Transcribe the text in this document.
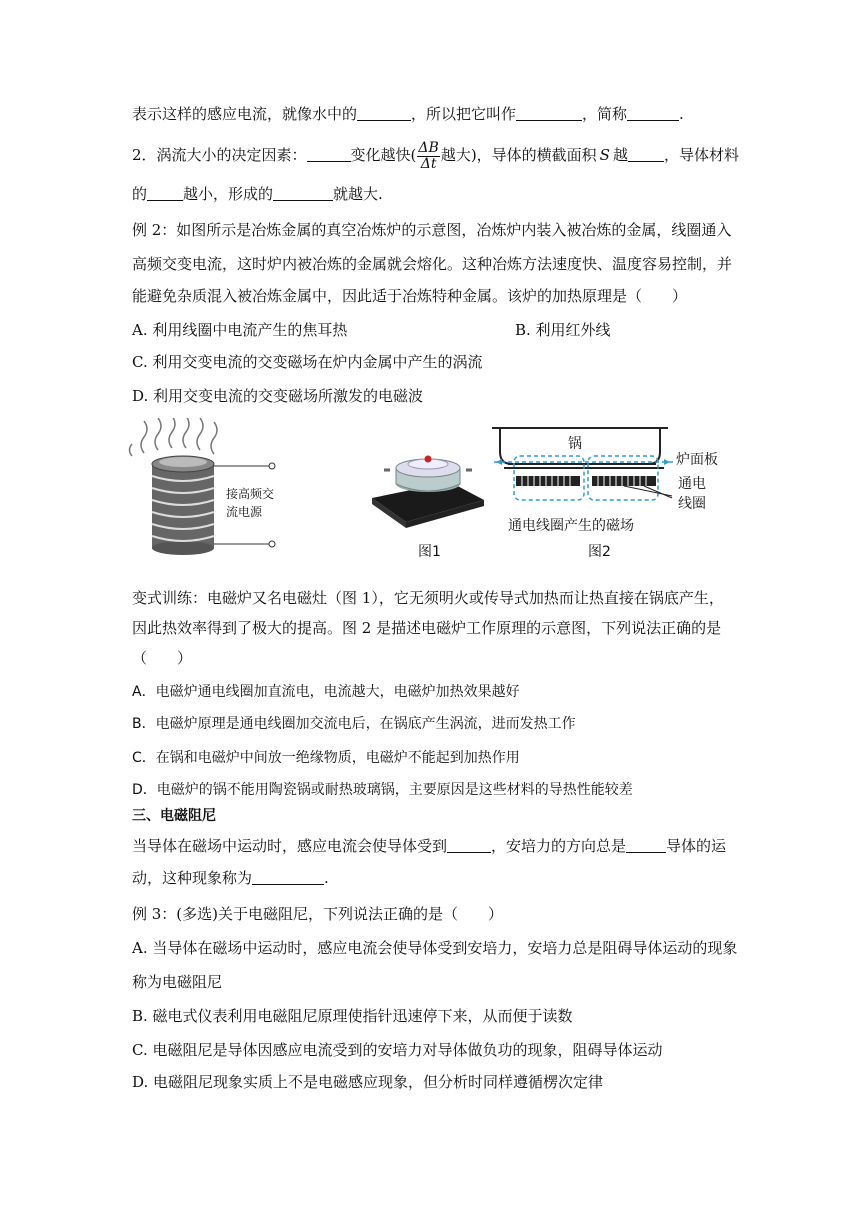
表示这样的感应电流，就像水中的	，所以把它叫作	，简称	.
2．涡流大小的决定因素：	变化越快( $\frac{\Delta B}{\Delta t}$ 越大)，导体的横截面积 S 越 ，导体材料
的 越小，形成的	就越大.
例 2：如图所示是冶炼金属的真空冶炼炉的示意图，冶炼炉内装入被冶炼的金属，线圈通入
高频交变电流，这时炉内被冶炼的金属就会熔化。这种冶炼方法速度快、温度容易控制，并
能避免杂质混入被冶炼金属中，因此适于冶炼特种金属。该炉的加热原理是（　　）
A. 利用线圈中电流产生的焦耳热	B. 利用红外线
C. 利用交变电流的交变磁场在炉内金属中产生的涡流
D. 利用交变电流的交变磁场所激发的电磁波
接高频交
流电源
图1
锅
炉面板
通电
线圈
通电线圈产生的磁场
图2
变式训练：电磁炉又名电磁灶（图 1），它无须明火或传导式加热而让热直接在锅底产生，
因此热效率得到了极大的提高。图 2 是描述电磁炉工作原理的示意图，下列说法正确的是
（　　）
A．电磁炉通电线圈加直流电，电流越大，电磁炉加热效果越好
B．电磁炉原理是通电线圈加交流电后，在锅底产生涡流，进而发热工作
C．在锅和电磁炉中间放一绝缘物质，电磁炉不能起到加热作用
D．电磁炉的锅不能用陶瓷锅或耐热玻璃锅，主要原因是这些材料的导热性能较差
三、电磁阻尼
当导体在磁场中运动时，感应电流会使导体受到	，安培力的方向总是	导体的运
动，这种现象称为	.
例 3：(多选)关于电磁阻尼，下列说法正确的是（　　）
A. 当导体在磁场中运动时，感应电流会使导体受到安培力，安培力总是阻碍导体运动的现象
称为电磁阻尼
B. 磁电式仪表利用电磁阻尼原理使指针迅速停下来，从而便于读数
C. 电磁阻尼是导体因感应电流受到的安培力对导体做负功的现象，阻碍导体运动
D. 电磁阻尼现象实质上不是电磁感应现象，但分析时同样遵循楞次定律
